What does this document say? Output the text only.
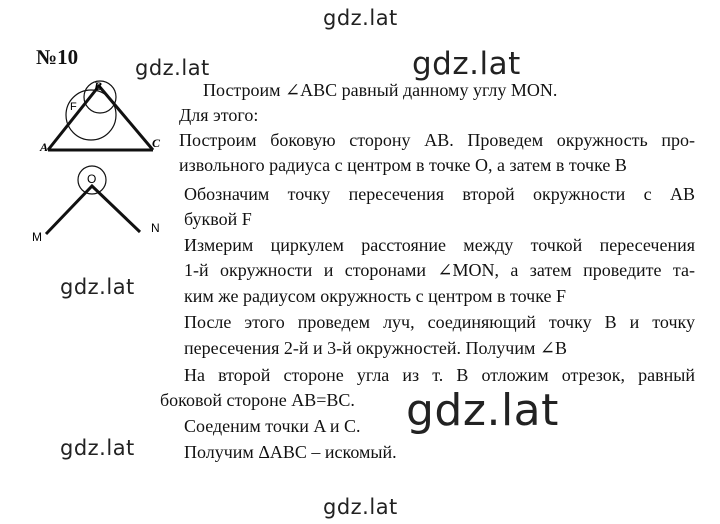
№10
B
F
A	C
O
M
N
Построим ∠ABC равный данному углу MON.
Для этого:
Построим боковую сторону AB. Проведем окружность про-
извольного радиуса с центром в точке O, а затем в точке B
Обозначим точку пересечения второй окружности с AB
буквой F
Измерим циркулем расстояние между точкой пересечения
1-й окружности и сторонами ∠MON, а затем проведите та-
ким же радиусом окружность с центром в точке F
После этого проведем луч, соединяющий точку B и точку
пересечения 2-й и 3-й окружностей. Получим ∠B
На второй стороне угла из т. B отложим отрезок, равный
боковой стороне AB=BC.
Соедeним точки A и C.
Получим ΔABC – искомый.
gdz.lat
gdz.lat	gdz.lat
gdz.lat
gdz.lat
gdz.lat
gdz.lat
